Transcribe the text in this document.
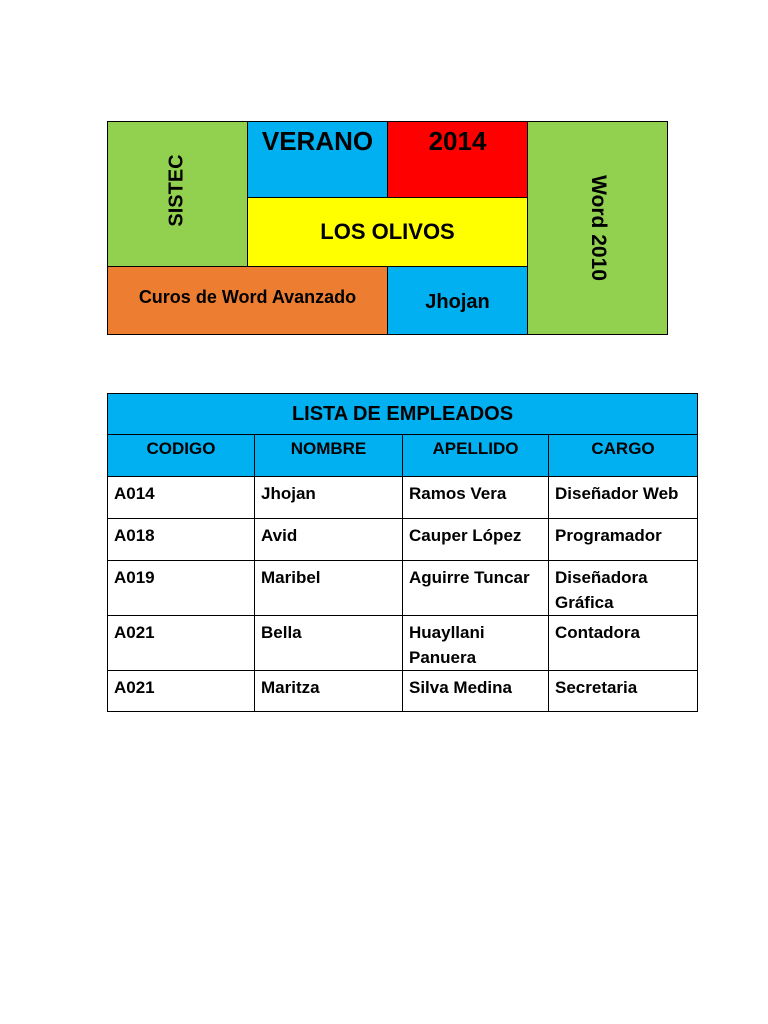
SISTEC
VERANO 2014
LOS OLIVOS
Curos de Word Avanzado	Jhojan
Word 2010
LISTA DE EMPLEADOS			
CODIGO	NOMBRE	APELLIDO	CARGO
A014	Jhojan	Ramos Vera	Diseñador Web
A018	Avid	Cauper López	Programador
A019	Maribel	Aguirre Tuncar	Diseñadora Gráfica
A021	Bella	Huayllani Panuera	Contadora
A021	Maritza	Silva Medina	Secretaria
